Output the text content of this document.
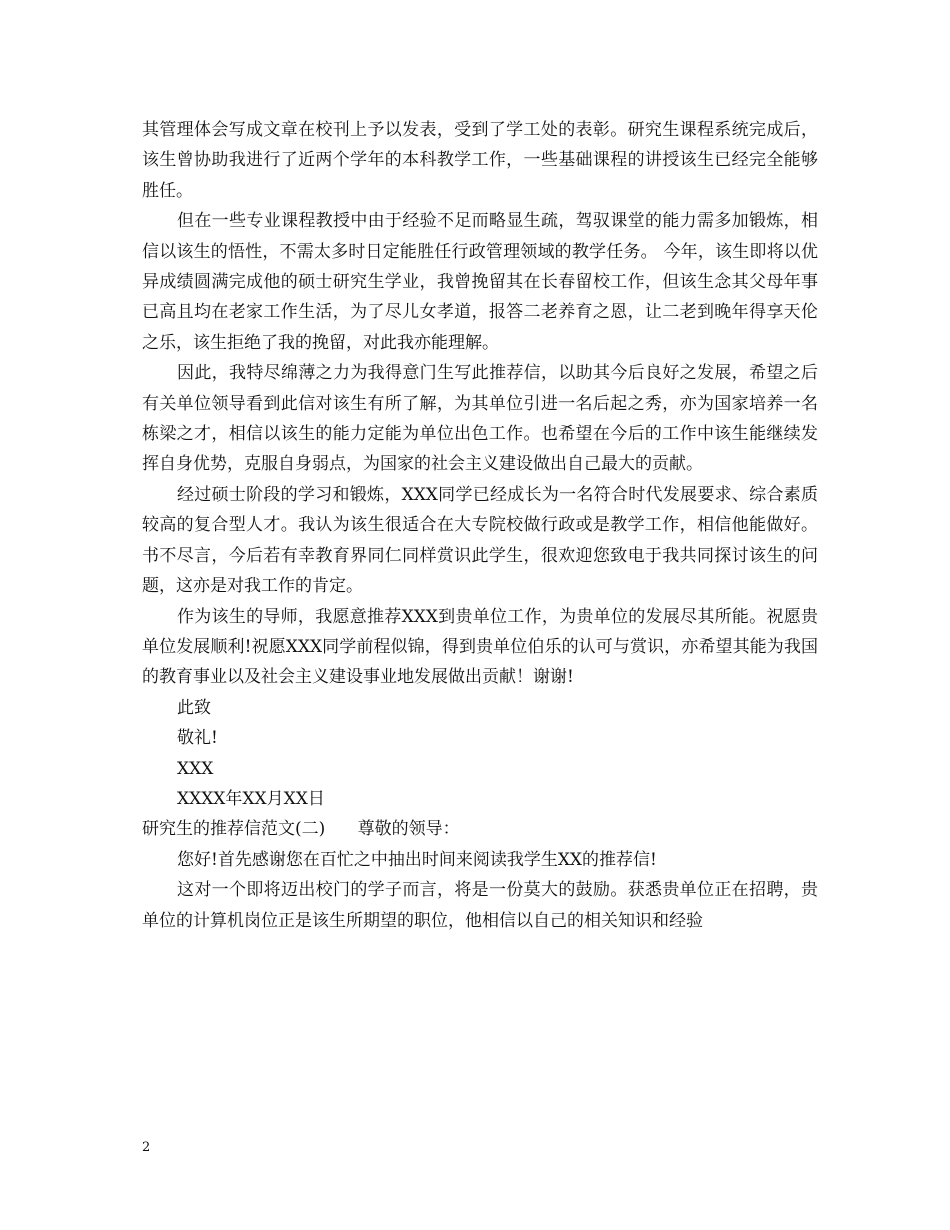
其管理体会写成文章在校刊上予以发表，受到了学工处的表彰。研究生课程系统完成后，该生曾协助我进行了近两个学年的本科教学工作，一些基础课程的讲授该生已经完全能够胜任。

但在一些专业课程教授中由于经验不足而略显生疏，驾驭课堂的能力需多加锻炼，相信以该生的悟性，不需太多时日定能胜任行政管理领域的教学任务。 今年，该生即将以优异成绩圆满完成他的硕士研究生学业，我曾挽留其在长春留校工作，但该生念其父母年事已高且均在老家工作生活，为了尽儿女孝道，报答二老养育之恩，让二老到晚年得享天伦之乐，该生拒绝了我的挽留，对此我亦能理解。

因此，我特尽绵薄之力为我得意门生写此推荐信，以助其今后良好之发展，希望之后有关单位领导看到此信对该生有所了解，为其单位引进一名后起之秀，亦为国家培养一名栋梁之才，相信以该生的能力定能为单位出色工作。也希望在今后的工作中该生能继续发挥自身优势，克服自身弱点，为国家的社会主义建设做出自己最大的贡献。

经过硕士阶段的学习和锻炼，XXX同学已经成长为一名符合时代发展要求、综合素质较高的复合型人才。我认为该生很适合在大专院校做行政或是教学工作，相信他能做好。书不尽言，今后若有幸教育界同仁同样赏识此学生，很欢迎您致电于我共同探讨该生的问题，这亦是对我工作的肯定。

作为该生的导师，我愿意推荐XXX到贵单位工作，为贵单位的发展尽其所能。祝愿贵单位发展顺利!祝愿XXX同学前程似锦，得到贵单位伯乐的认可与赏识，亦希望其能为我国的教育事业以及社会主义建设事业地发展做出贡献！谢谢!

此致

敬礼!

XXX

XXXX年XX月XX日

研究生的推荐信范文(二)      尊敬的领导：

您好!首先感谢您在百忙之中抽出时间来阅读我学生XX的推荐信!

这对一个即将迈出校门的学子而言，将是一份莫大的鼓励。获悉贵单位正在招聘，贵单位的计算机岗位正是该生所期望的职位，他相信以自己的相关知识和经验

2
